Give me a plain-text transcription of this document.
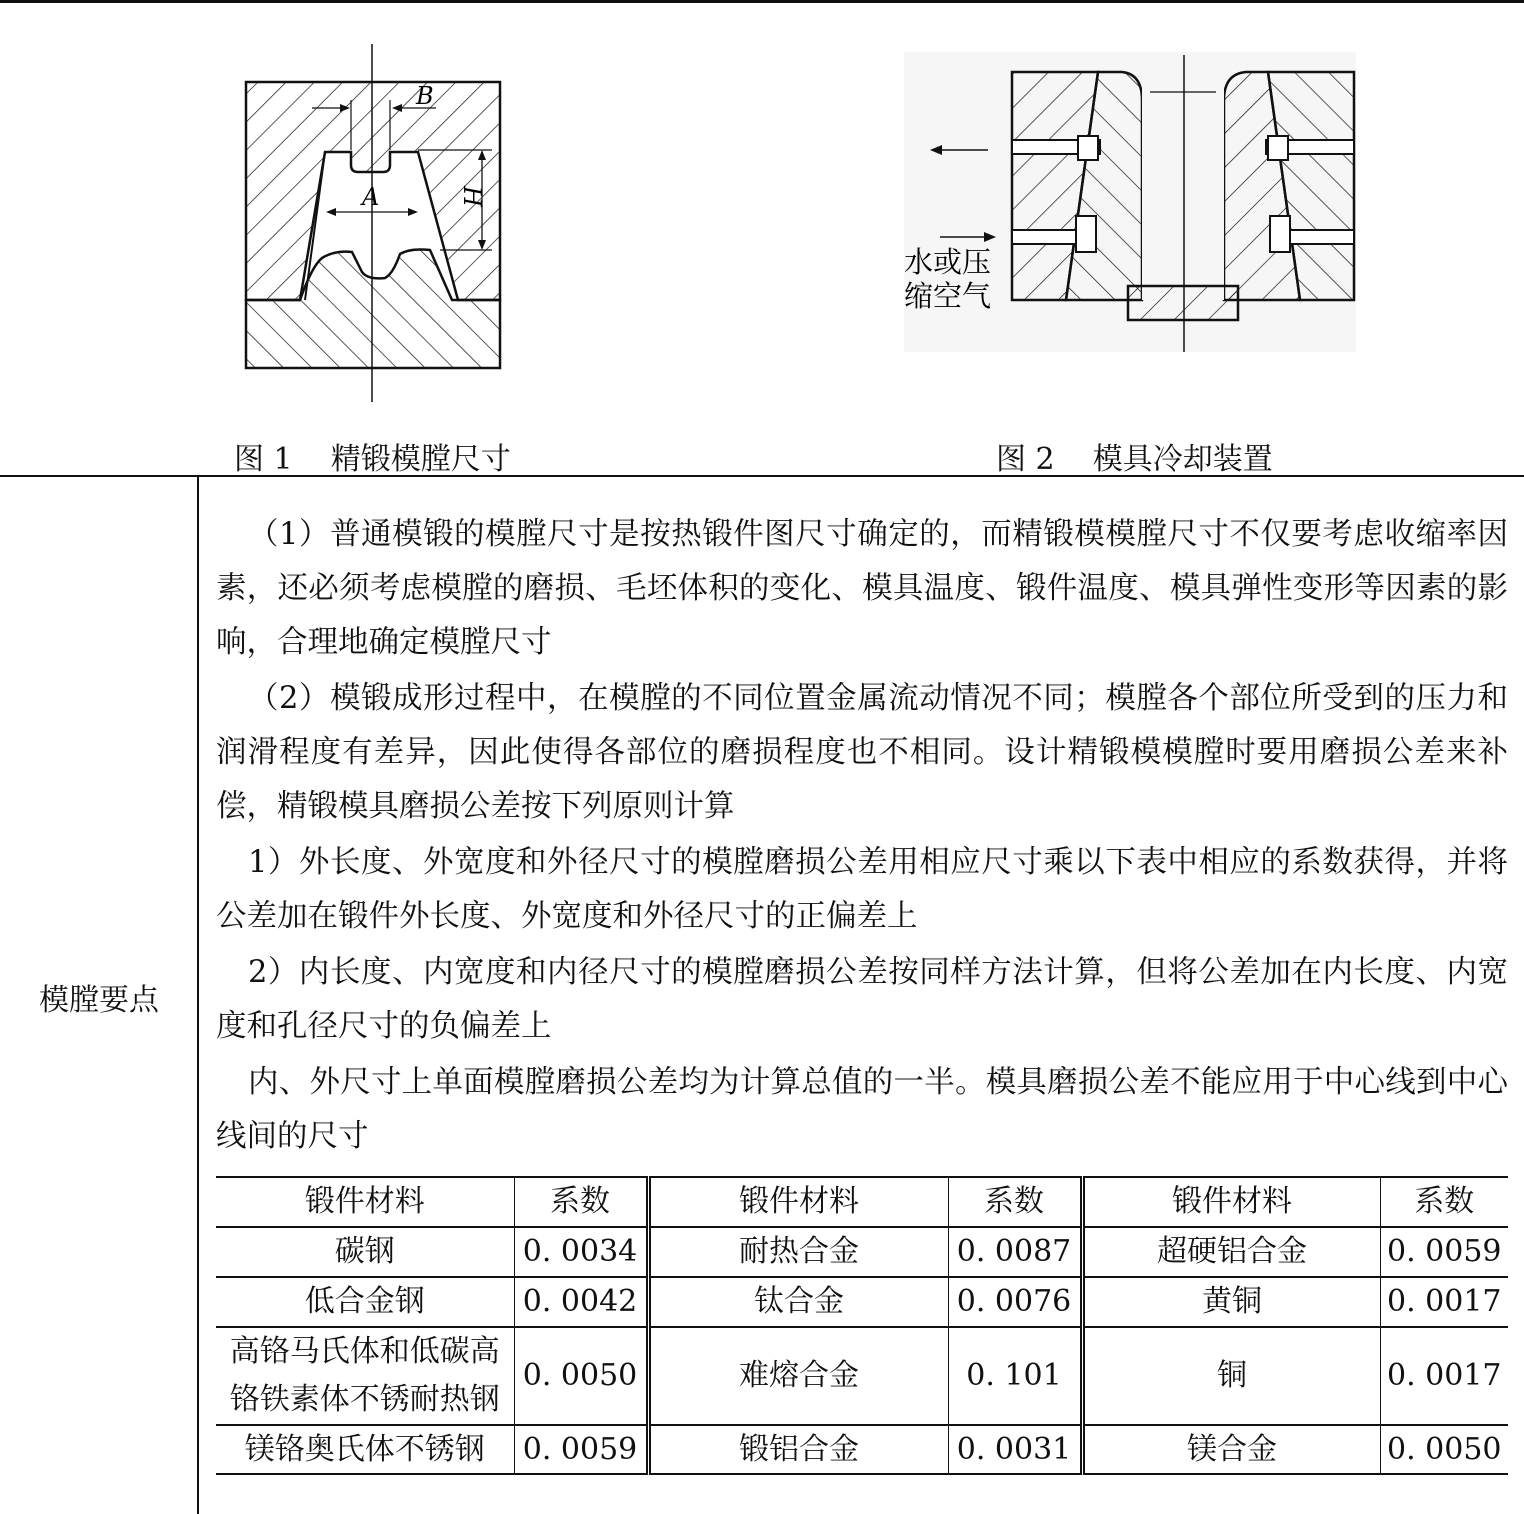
B
A	H
图 1    精锻模膛尺寸
水或压
缩空气
图 2    模具冷却装置
模膛要点
（1）普通模锻的模膛尺寸是按热锻件图尺寸确定的，而精锻模模膛尺寸不仅要考虑收缩率因素，还必须考虑模膛的磨损、毛坯体积的变化、模具温度、锻件温度、模具弹性变形等因素的影响，合理地确定模膛尺寸
（2）模锻成形过程中，在模膛的不同位置金属流动情况不同；模膛各个部位所受到的压力和润滑程度有差异，因此使得各部位的磨损程度也不相同。设计精锻模模膛时要用磨损公差来补偿，精锻模具磨损公差按下列原则计算
1）外长度、外宽度和外径尺寸的模膛磨损公差用相应尺寸乘以下表中相应的系数获得，并将公差加在锻件外长度、外宽度和外径尺寸的正偏差上
2）内长度、内宽度和内径尺寸的模膛磨损公差按同样方法计算，但将公差加在内长度、内宽度和孔径尺寸的负偏差上
内、外尺寸上单面模膛磨损公差均为计算总值的一半。模具磨损公差不能应用于中心线到中心线间的尺寸
锻件材料	系数	锻件材料	系数	锻件材料	系数
碳钢	0. 0034	耐热合金	0. 0087	超硬铝合金	0. 0059
低合金钢	0. 0042	钛合金	0. 0076	黄铜	0. 0017

高铬马氏体和低碳高
铬铁素体不锈耐热钢	0. 0050	难熔合金	0. 101	铜	0. 0017
镁铬奥氏体不锈钢	0. 0059	锻铝合金	0. 0031	镁合金	0. 0050
